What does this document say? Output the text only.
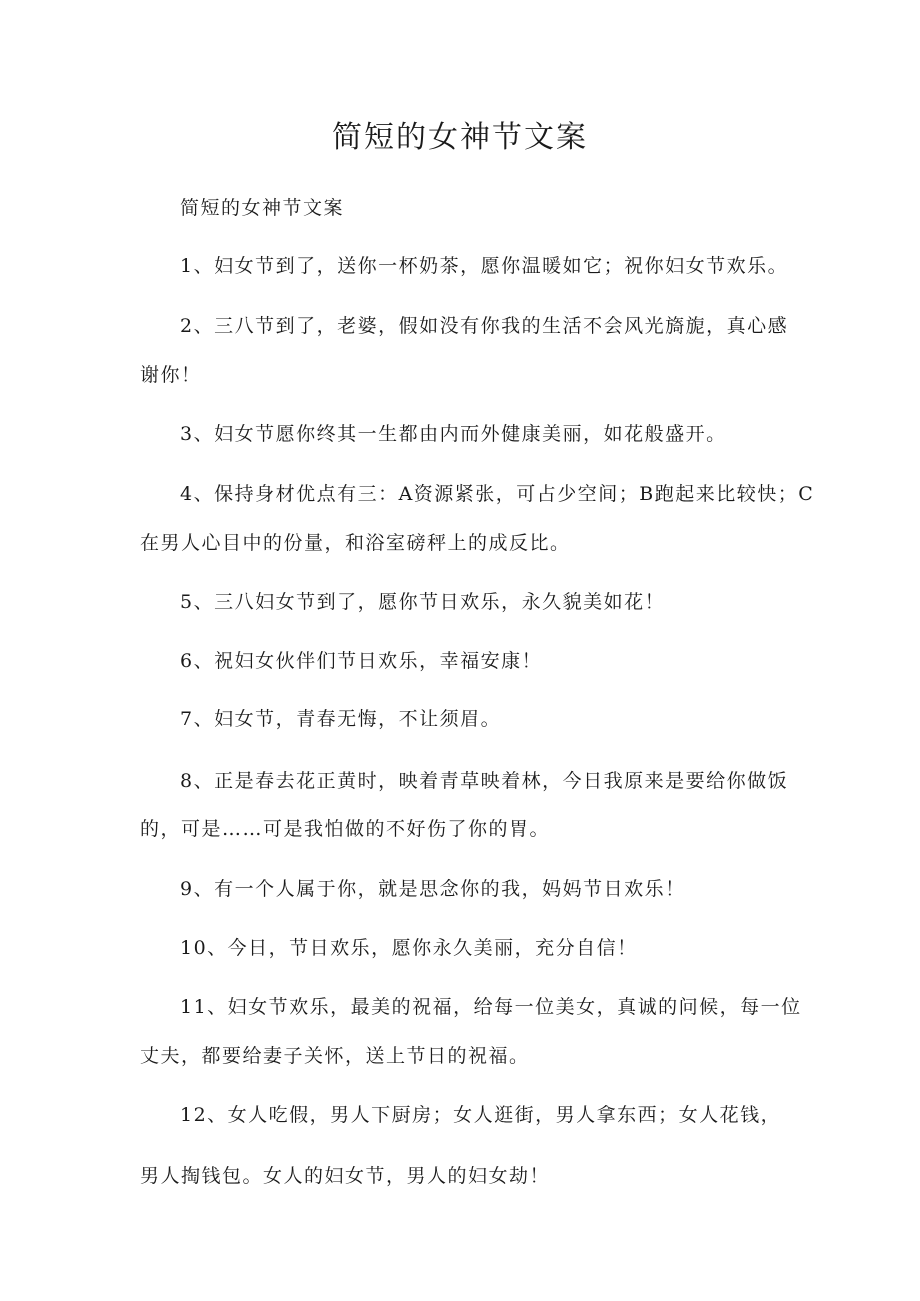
简短的女神节文案

简短的女神节文案

1、妇女节到了，送你一杯奶茶，愿你温暖如它；祝你妇女节欢乐。

2、三八节到了，老婆，假如没有你我的生活不会风光旖旎，真心感

谢你！

3、妇女节愿你终其一生都由内而外健康美丽，如花般盛开。

4、保持身材优点有三：A资源紧张，可占少空间；B跑起来比较快；C

在男人心目中的份量，和浴室磅秤上的成反比。

5、三八妇女节到了，愿你节日欢乐，永久貌美如花！

6、祝妇女伙伴们节日欢乐，幸福安康！

7、妇女节，青春无悔，不让须眉。

8、正是春去花正黄时，映着青草映着林，今日我原来是要给你做饭

的，可是……可是我怕做的不好伤了你的胃。

9、有一个人属于你，就是思念你的我，妈妈节日欢乐！

10、今日，节日欢乐，愿你永久美丽，充分自信！

11、妇女节欢乐，最美的祝福，给每一位美女，真诚的问候，每一位

丈夫，都要给妻子关怀，送上节日的祝福。

12、女人吃假，男人下厨房；女人逛街，男人拿东西；女人花钱，

男人掏钱包。女人的妇女节，男人的妇女劫！
